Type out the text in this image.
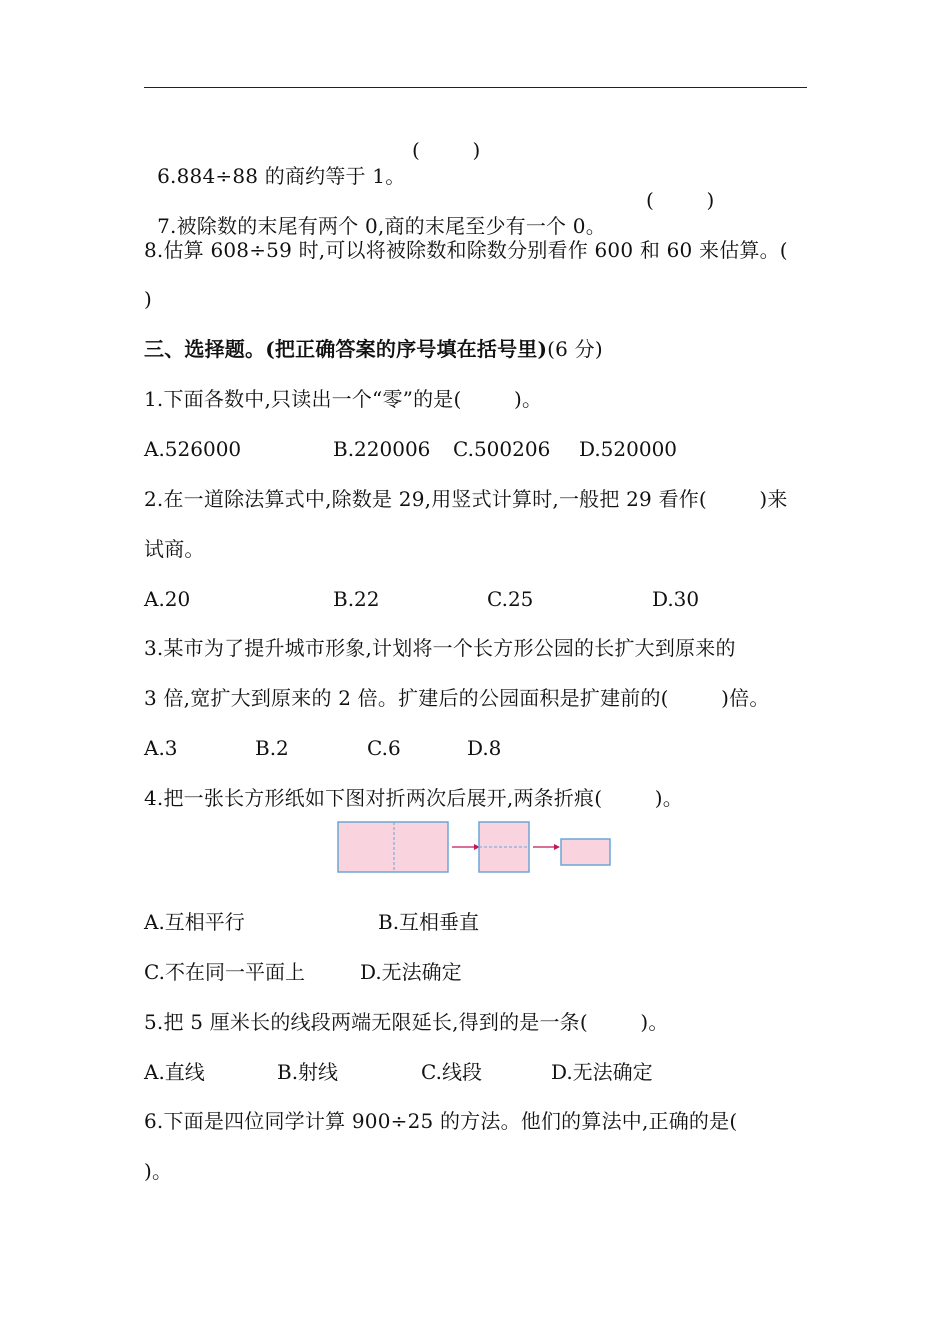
6.884÷88 的商约等于 1。

(        )

7.被除数的末尾有两个 0,商的末尾至少有一个 0。

(        )

8.估算 608÷59 时,可以将被除数和除数分别看作 600 和 60 来估算。(
)
三、选择题。(把正确答案的序号填在括号里)(6 分)
1.下面各数中,只读出一个“零”的是(        )。
A.526000	B.220006 C.500206 D.520000
2.在一道除法算式中,除数是 29,用竖式计算时,一般把 29 看作(        )来
试商。
A.20	B.22	C.25	D.30
3.某市为了提升城市形象,计划将一个长方形公园的长扩大到原来的
3 倍,宽扩大到原来的 2 倍。扩建后的公园面积是扩建前的(        )倍。
A.3	B.2	C.6	D.8
4.把一张长方形纸如下图对折两次后展开,两条折痕(        )。
A.互相平行	B.互相垂直
C.不在同一平面上	D.无法确定
5.把 5 厘米长的线段两端无限延长,得到的是一条(        )。
A.直线	B.射线	C.线段	D.无法确定
6.下面是四位同学计算 900÷25 的方法。他们的算法中,正确的是(
)。
